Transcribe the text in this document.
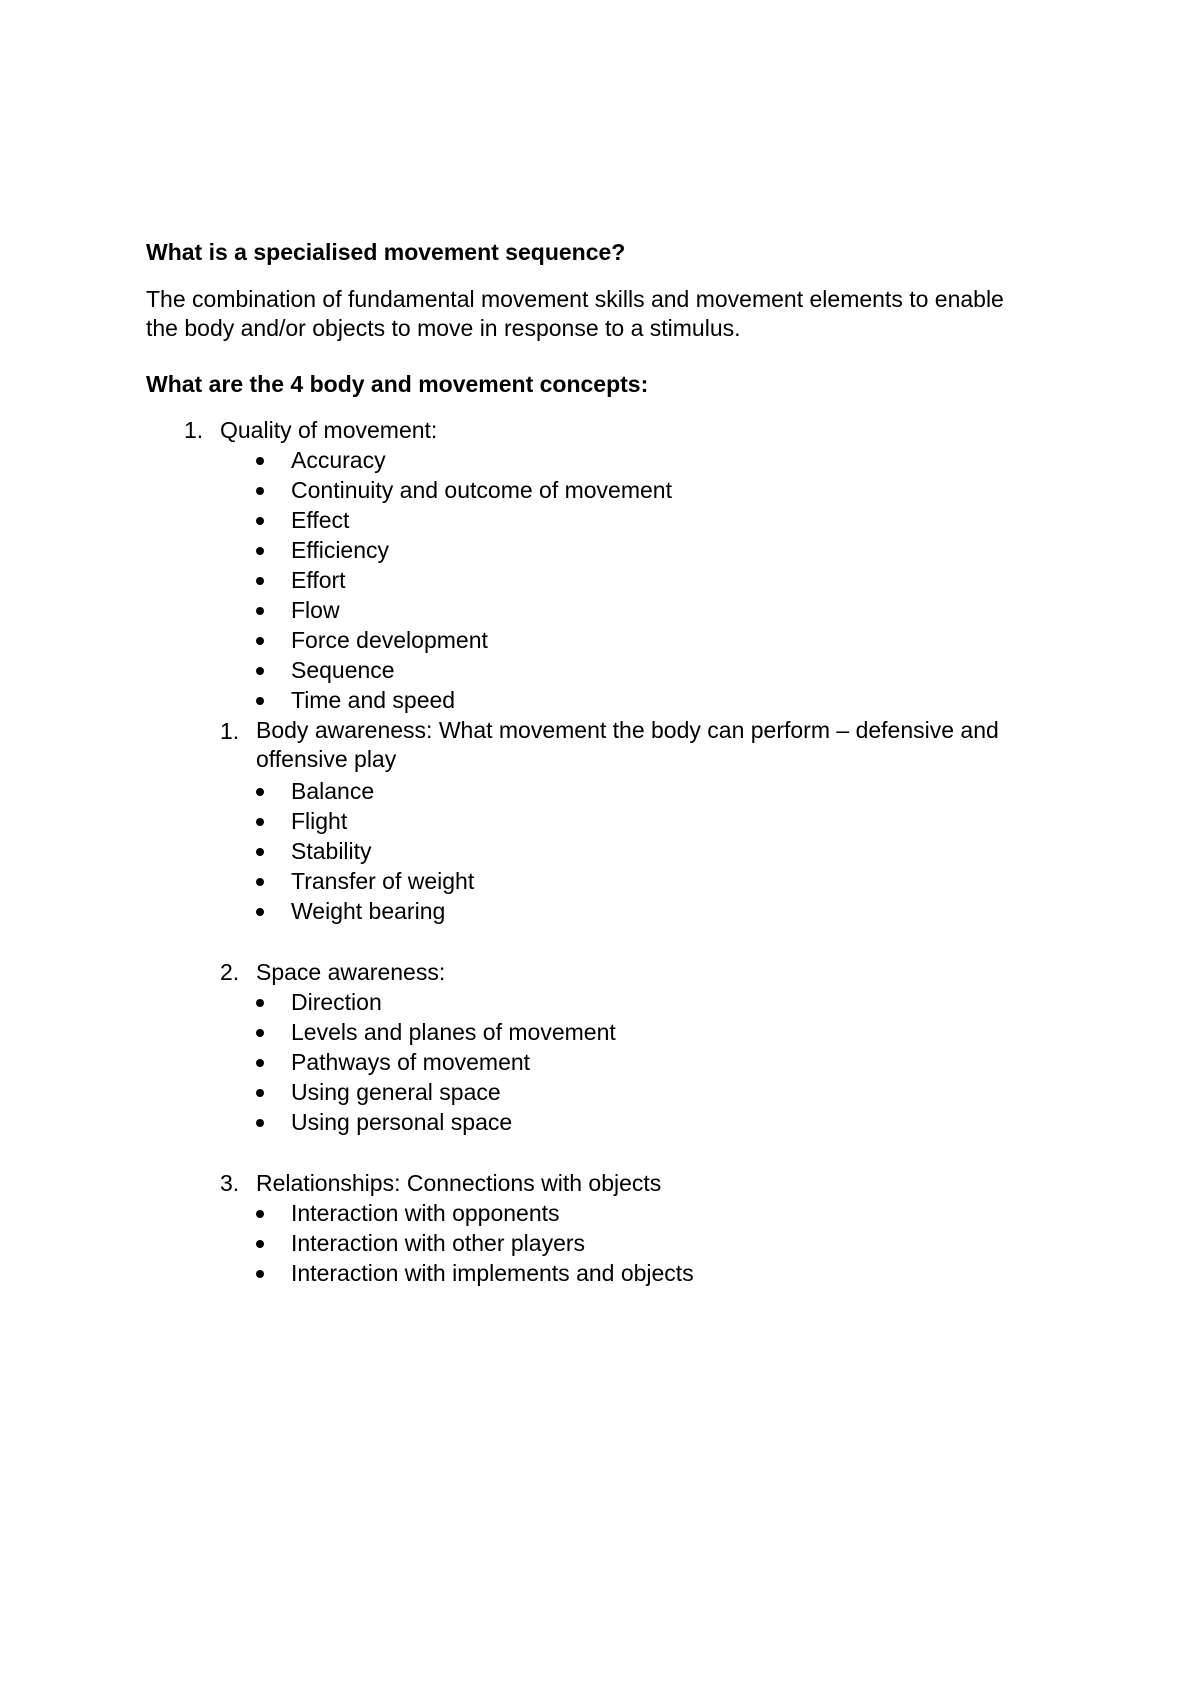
What is a specialised movement sequence?
The combination of fundamental movement skills and movement elements to enable
the body and/or objects to move in response to a stimulus.
What are the 4 body and movement concepts:
1. Quality of movement:
Accuracy
Continuity and outcome of movement
Effect
Efficiency
Effort
Flow
Force development
Sequence
Time and speed
1. Body awareness: What movement the body can perform – defensive and offensive play
Balance
Flight
Stability
Transfer of weight
Weight bearing
2. Space awareness:
Direction
Levels and planes of movement
Pathways of movement
Using general space
Using personal space
3. Relationships: Connections with objects
Interaction with opponents
Interaction with other players
Interaction with implements and objects
